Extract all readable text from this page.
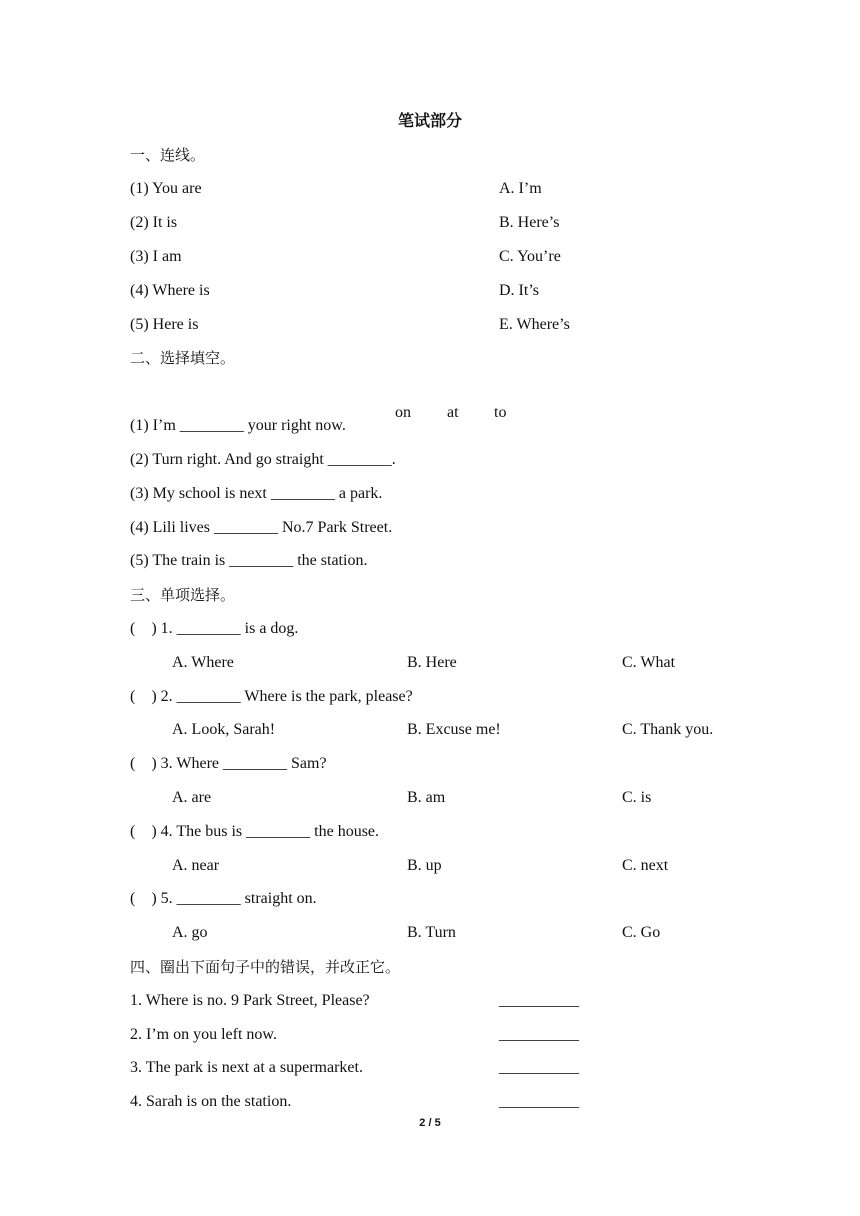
笔试部分
一、连线。
(1) You are	A. I’m
(2) It is	B. Here’s
(3) I am	C. You’re
(4) Where is	D. It’s
(5) Here is	E. Where’s
二、选择填空。

on at to

(1) I’m ________ your right now.
(2) Turn right. And go straight ________.
(3) My school is next ________ a park.
(4) Lili lives ________ No.7 Park Street.
(5) The train is ________ the station.
三、单项选择。
(    ) 1. ________ is a dog.
A. Where	B. Here	C. What
(    ) 2. ________ Where is the park, please?
A. Look, Sarah!	B. Excuse me!	C. Thank you.
(    ) 3. Where ________ Sam?
A. are	B. am	C. is
(    ) 4. The bus is ________ the house.
A. near	B. up	C. next
(    ) 5. ________ straight on.
A. go	B. Turn	C. Go
四、圈出下面句子中的错误，并改正它。
1. Where is no. 9 Park Street, Please?	__________
2. I’m on you left now.	__________
3. The park is next at a supermarket.	__________
4. Sarah is on the station.	__________
2 / 5
